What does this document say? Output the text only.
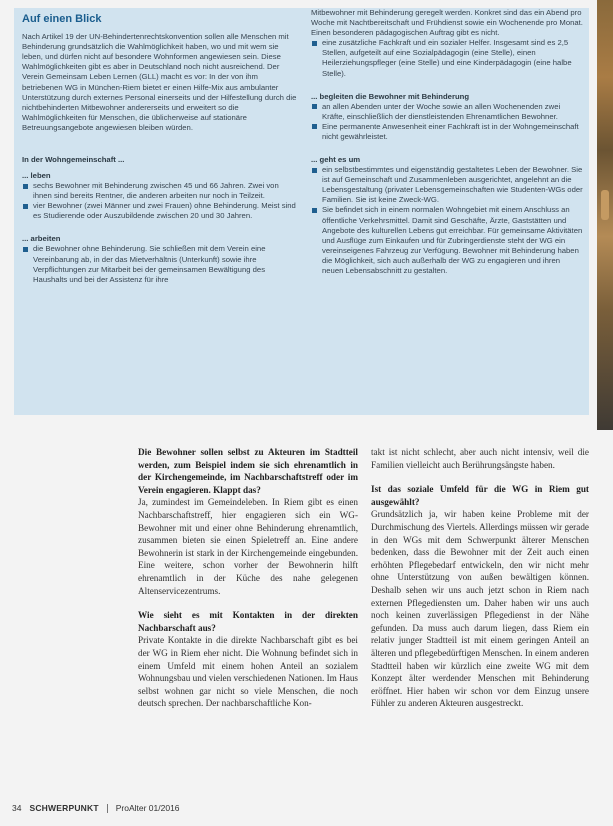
Auf einen Blick

Nach Artikel 19 der UN-Behindertenrechtskonvention sollen alle Menschen mit Behinderung grundsätzlich die Wahlmöglichkeit haben, wo und mit wem sie leben, und dürfen nicht auf besondere Wohnformen angewiesen sein. Diese Wahlmöglichkeiten gibt es aber in Deutschland noch nicht ausreichend. Der Verein Gemeinsam Leben Lernen (GLL) macht es vor: In der von ihm betriebenen WG in München-Riem bietet er einen Hilfe-Mix aus ambulanter Unterstützung durch externes Personal einerseits und der Hilfestellung durch die nichtbehinderten Mitbewohner andererseits und erweitert so die Wahlmöglichkeiten für Menschen, die üblicherweise auf stationäre Betreuungsangebote angewiesen bleiben würden.

In der Wohngemeinschaft ...
... leben
sechs Bewohner mit Behinderung zwischen 45 und 66 Jahren. Zwei von ihnen sind bereits Rentner, die anderen arbeiten nur noch in Teilzeit.
vier Bewohner (zwei Männer und zwei Frauen) ohne Behinderung. Meist sind es Studierende oder Auszubildende zwischen 20 und 30 Jahren.
... arbeiten
die Bewohner ohne Behinderung. Sie schließen mit dem Verein eine Vereinbarung ab, in der das Mietverhältnis (Unterkunft) sowie ihre Verpflichtungen zur Mitarbeit bei der gemeinsamen Bewältigung des Haushalts und bei der Assistenz für ihre

Mitbewohner mit Behinderung geregelt werden. Konkret sind das ein Abend pro Woche mit Nachtbereitschaft und Frühdienst sowie ein Wochenende pro Monat. Einen besonderen pädagogischen Auftrag gibt es nicht.

eine zusätzliche Fachkraft und ein sozialer Helfer. Insgesamt sind es 2,5 Stellen, aufgeteilt auf eine Sozialpädagogin (eine Stelle), einen Heilerziehungspfleger (eine Stelle) und eine Kinderpädagogin (eine halbe Stelle).
... begleiten die Bewohner mit Behinderung
an allen Abenden unter der Woche sowie an allen Wochenenden zwei Kräfte, einschließlich der dienstleistenden Ehrenamtlichen Bewohner.
Eine permanente Anwesenheit einer Fachkraft ist in der Wohngemeinschaft nicht gewährleistet.
... geht es um
ein selbstbestimmtes und eigenständig gestaltetes Leben der Bewohner. Sie ist auf Gemeinschaft und Zusammenleben ausgerichtet, angelehnt an die Lebensgestaltung (privater Lebensgemeinschaften wie Studenten-WGs oder Familien. Sie ist keine Zweck-WG.
Sie befindet sich in einem normalen Wohngebiet mit einem Anschluss an öffentliche Verkehrsmittel. Damit sind Geschäfte, Ärzte, Gaststätten und Angebote des kulturellen Lebens gut erreichbar. Für gemeinsame Aktivitäten und Ausflüge zum Einkaufen und für Zubringerdienste steht der WG ein vereinseigenes Fahrzeug zur Verfügung. Bewohner mit Behinderung haben die Möglichkeit, sich auch außerhalb der WG zu engagieren und ihren neuen Lebensabschnitt zu gestalten.

Die Bewohner sollen selbst zu Akteuren im Stadtteil werden, zum Beispiel indem sie sich ehrenamtlich in der Kirchengemeinde, im Nachbarschaftstreff oder im Verein engagieren. Klappt das?

Ja, zumindest im Gemeindeleben. In Riem gibt es einen Nachbarschaftstreff, hier engagieren sich ein WG-Bewohner mit und einer ohne Behinderung ehrenamtlich, zusammen bieten sie einen Spieletreff an. Eine andere Bewohnerin ist stark in der Kirchengemeinde eingebunden. Eine weitere, schon vorher der Bewohnerin hilft ehrenamtlich in der Küche des nahe gelegenen Altenservicezentrums.

Wie sieht es mit Kontakten in der direkten Nachbarschaft aus?

Private Kontakte in die direkte Nachbarschaft gibt es bei der WG in Riem eher nicht. Die Wohnung befindet sich in einem Umfeld mit einem hohen Anteil an sozialem Wohnungsbau und vielen verschiedenen Nationen. Im Haus selbst wohnen gar nicht so viele Menschen, die noch deutsch sprechen. Der nachbarschaftliche Kon-

takt ist nicht schlecht, aber auch nicht intensiv, weil die Familien vielleicht auch Berührungsängste haben.

Ist das soziale Umfeld für die WG in Riem gut ausgewählt?

Grundsätzlich ja, wir haben keine Probleme mit der Durchmischung des Viertels. Allerdings müssen wir gerade in den WGs mit dem Schwerpunkt älterer Menschen bedenken, dass die Bewohner mit der Zeit auch einen erhöhten Pflegebedarf entwickeln, den wir nicht mehr ohne Unterstützung von außen bewältigen können. Deshalb sehen wir uns auch jetzt schon in Riem nach externen Pflegediensten um. Daher haben wir uns auch noch keinen zuverlässigen Pflegedienst in der Nähe gefunden. Da muss auch darum liegen, dass Riem ein relativ junger Stadtteil ist mit einem geringen Anteil an älteren und pflegebedürftigen Menschen. In einem anderen Stadtteil haben wir kürzlich eine zweite WG mit dem Konzept älter werdender Menschen mit Behinderung eröffnet. Hier haben wir schon vor dem Einzug unsere Fühler zu anderen Akteuren ausgestreckt.

34 SCHWERPUNKT ProAlter 01/2016
